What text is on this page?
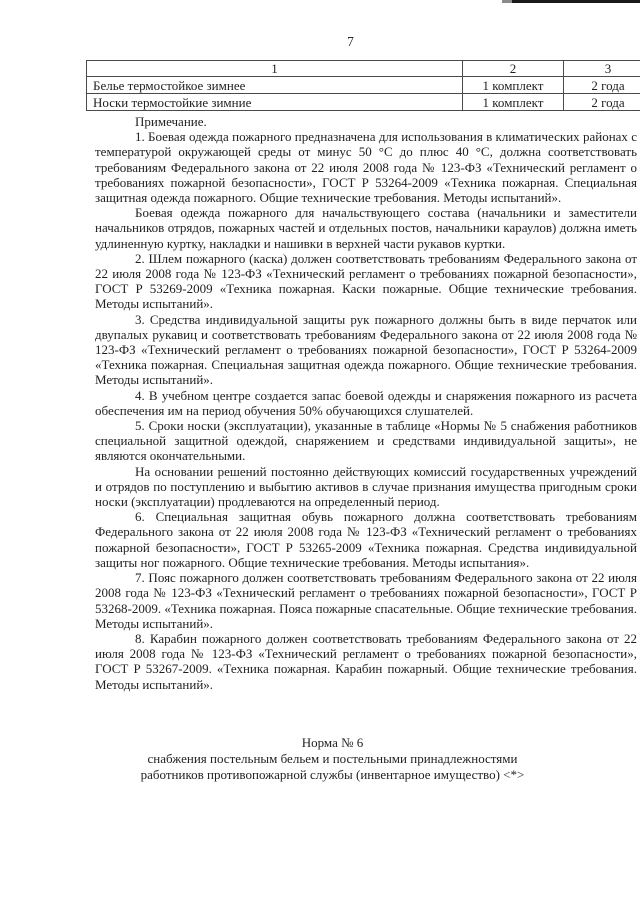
7
1	2	3
Белье термостойкое зимнее	1 комплект	2 года
Носки термостойкие зимние	1 комплект	2 года

Примечание.

1. Боевая одежда пожарного предназначена для использования в климатических районах с температурой окружающей среды от минус 50 °C до плюс 40 °C, должна соответствовать требованиям Федерального закона от 22 июля 2008 года № 123-ФЗ «Технический регламент о требованиях пожарной безопасности», ГОСТ Р 53264-2009 «Техника пожарная. Специальная защитная одежда пожарного. Общие технические требования. Методы испытаний».

Боевая одежда пожарного для начальствующего состава (начальники и заместители начальников отрядов, пожарных частей и отдельных постов, начальники караулов) должна иметь удлиненную куртку, накладки и нашивки в верхней части рукавов куртки.

2. Шлем пожарного (каска) должен соответствовать требованиям Федерального закона от 22 июля 2008 года № 123-ФЗ «Технический регламент о требованиях пожарной безопасности», ГОСТ Р 53269-2009 «Техника пожарная. Каски пожарные. Общие технические требования. Методы испытаний».

3. Средства индивидуальной защиты рук пожарного должны быть в виде перчаток или двупалых рукавиц и соответствовать требованиям Федерального закона от 22 июля 2008 года № 123-ФЗ «Технический регламент о требованиях пожарной безопасности», ГОСТ Р 53264-2009 «Техника пожарная. Специальная защитная одежда пожарного. Общие технические требования. Методы испытаний».

4. В учебном центре создается запас боевой одежды и снаряжения пожарного из расчета обеспечения им на период обучения 50% обучающихся слушателей.

5. Сроки носки (эксплуатации), указанные в таблице «Нормы № 5 снабжения работников специальной защитной одеждой, снаряжением и средствами индивидуальной защиты», не являются окончательными.

На основании решений постоянно действующих комиссий государственных учреждений и отрядов по поступлению и выбытию активов в случае признания имущества пригодным сроки носки (эксплуатации) продлеваются на определенный период.

6. Специальная защитная обувь пожарного должна соответствовать требованиям Федерального закона от 22 июля 2008 года № 123-ФЗ «Технический регламент о требованиях пожарной безопасности», ГОСТ Р 53265-2009 «Техника пожарная. Средства индивидуальной защиты ног пожарного. Общие технические требования. Методы испытания».

7. Пояс пожарного должен соответствовать требованиям Федерального закона от 22 июля 2008 года № 123-ФЗ «Технический регламент о требованиях пожарной безопасности», ГОСТ Р 53268-2009. «Техника пожарная. Пояса пожарные спасательные. Общие технические требования. Методы испытаний».

8. Карабин пожарного должен соответствовать требованиям Федерального закона от 22 июля 2008 года № 123-ФЗ «Технический регламент о требованиях пожарной безопасности», ГОСТ Р 53267-2009. «Техника пожарная. Карабин пожарный. Общие технические требования. Методы испытаний».

Норма № 6
снабжения постельным бельем и постельными принадлежностями
работников противопожарной службы (инвентарное имущество) <*>
